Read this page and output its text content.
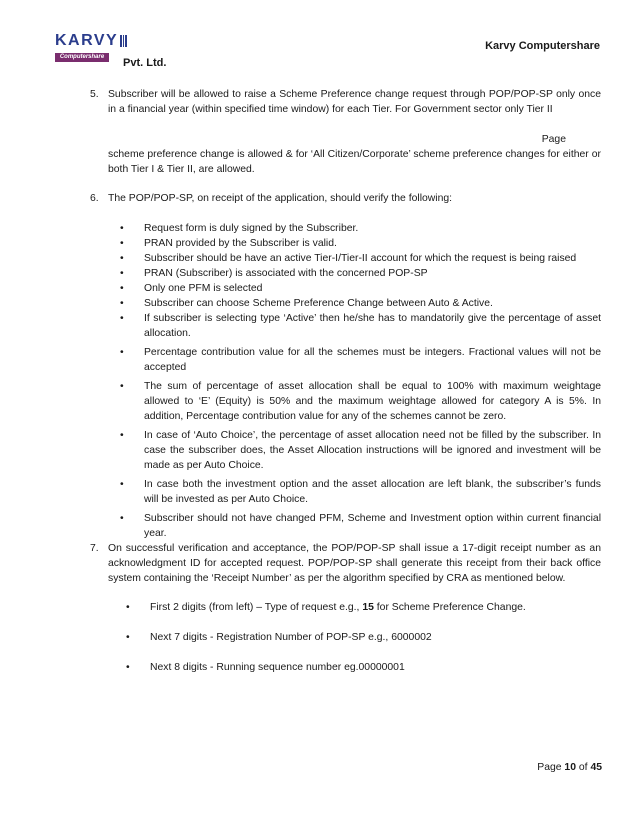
KARVY
Computershare
Karvy Computershare
Pvt. Ltd.
5. Subscriber will be allowed to raise a Scheme Preference change request through POP/POP-SP only once in a financial year (within specified time window) for each Tier. For Government sector only Tier II
Page
scheme preference change is allowed & for ‘All Citizen/Corporate’ scheme preference changes for either or both Tier I & Tier II, are allowed.
6. The POP/POP-SP, on receipt of the application, should verify the following:
• Request form is duly signed by the Subscriber.
• PRAN provided by the Subscriber is valid.
• Subscriber should be have an active Tier-I/Tier-II account for which the request is being raised
• PRAN (Subscriber) is associated with the concerned POP-SP
• Only one PFM is selected
• Subscriber can choose Scheme Preference Change between Auto & Active.
• If subscriber is selecting type ‘Active’ then he/she has to mandatorily give the percentage of asset allocation.
• Percentage contribution value for all the schemes must be integers. Fractional values will not be accepted
• The sum of percentage of asset allocation shall be equal to 100% with maximum weightage allowed to ‘E’ (Equity) is 50% and the maximum weightage allowed for category A is 5%. In addition, Percentage contribution value for any of the schemes cannot be zero.
• In case of ‘Auto Choice’, the percentage of asset allocation need not be filled by the subscriber. In case the subscriber does, the Asset Allocation instructions will be ignored and investment will be made as per Auto Choice.
• In case both the investment option and the asset allocation are left blank, the subscriber’s funds will be invested as per Auto Choice.
• Subscriber should not have changed PFM, Scheme and Investment option within current financial year.
7. On successful verification and acceptance, the POP/POP-SP shall issue a 17-digit receipt number as an acknowledgment ID for accepted request. POP/POP-SP shall generate this receipt from their back office system containing the ‘Receipt Number’ as per the algorithm specified by CRA as mentioned below.
• First 2 digits (from left) – Type of request e.g., 15 for Scheme Preference Change.
• Next 7 digits - Registration Number of POP-SP e.g., 6000002
• Next 8 digits - Running sequence number eg.00000001
Page 10 of 45
